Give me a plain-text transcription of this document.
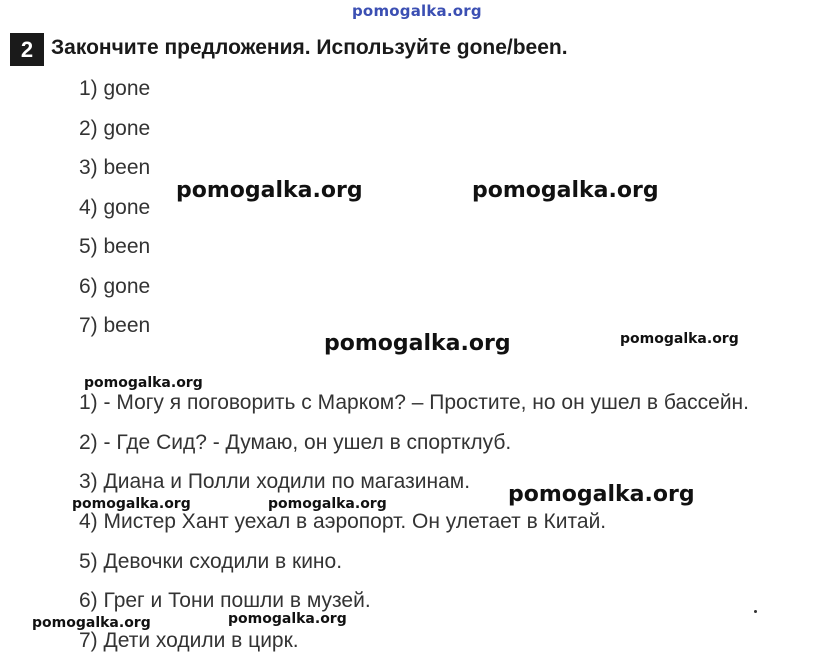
pomogalka.org
2 Закончите предложения. Используйте gone/been.
1) gone
2) gone
3) been
4) gone
5) been
6) gone
7) been
1) - Могу я поговорить с Марком? – Простите, но он ушел в бассейн.
2) - Где Сид? - Думаю, он ушел в спортклуб.
3) Диана и Полли ходили по магазинам.
4) Мистер Хант уехал в аэропорт. Он улетает в Китай.
5) Девочки сходили в кино.
6) Грег и Тони пошли в музей.
7) Дети ходили в цирк.
pomogalka.org	pomogalka.org
pomogalka.org	pomogalka.org
pomogalka.org
pomogalka.org	pomogalka.org	pomogalka.org
pomogalka.org	pomogalka.org
